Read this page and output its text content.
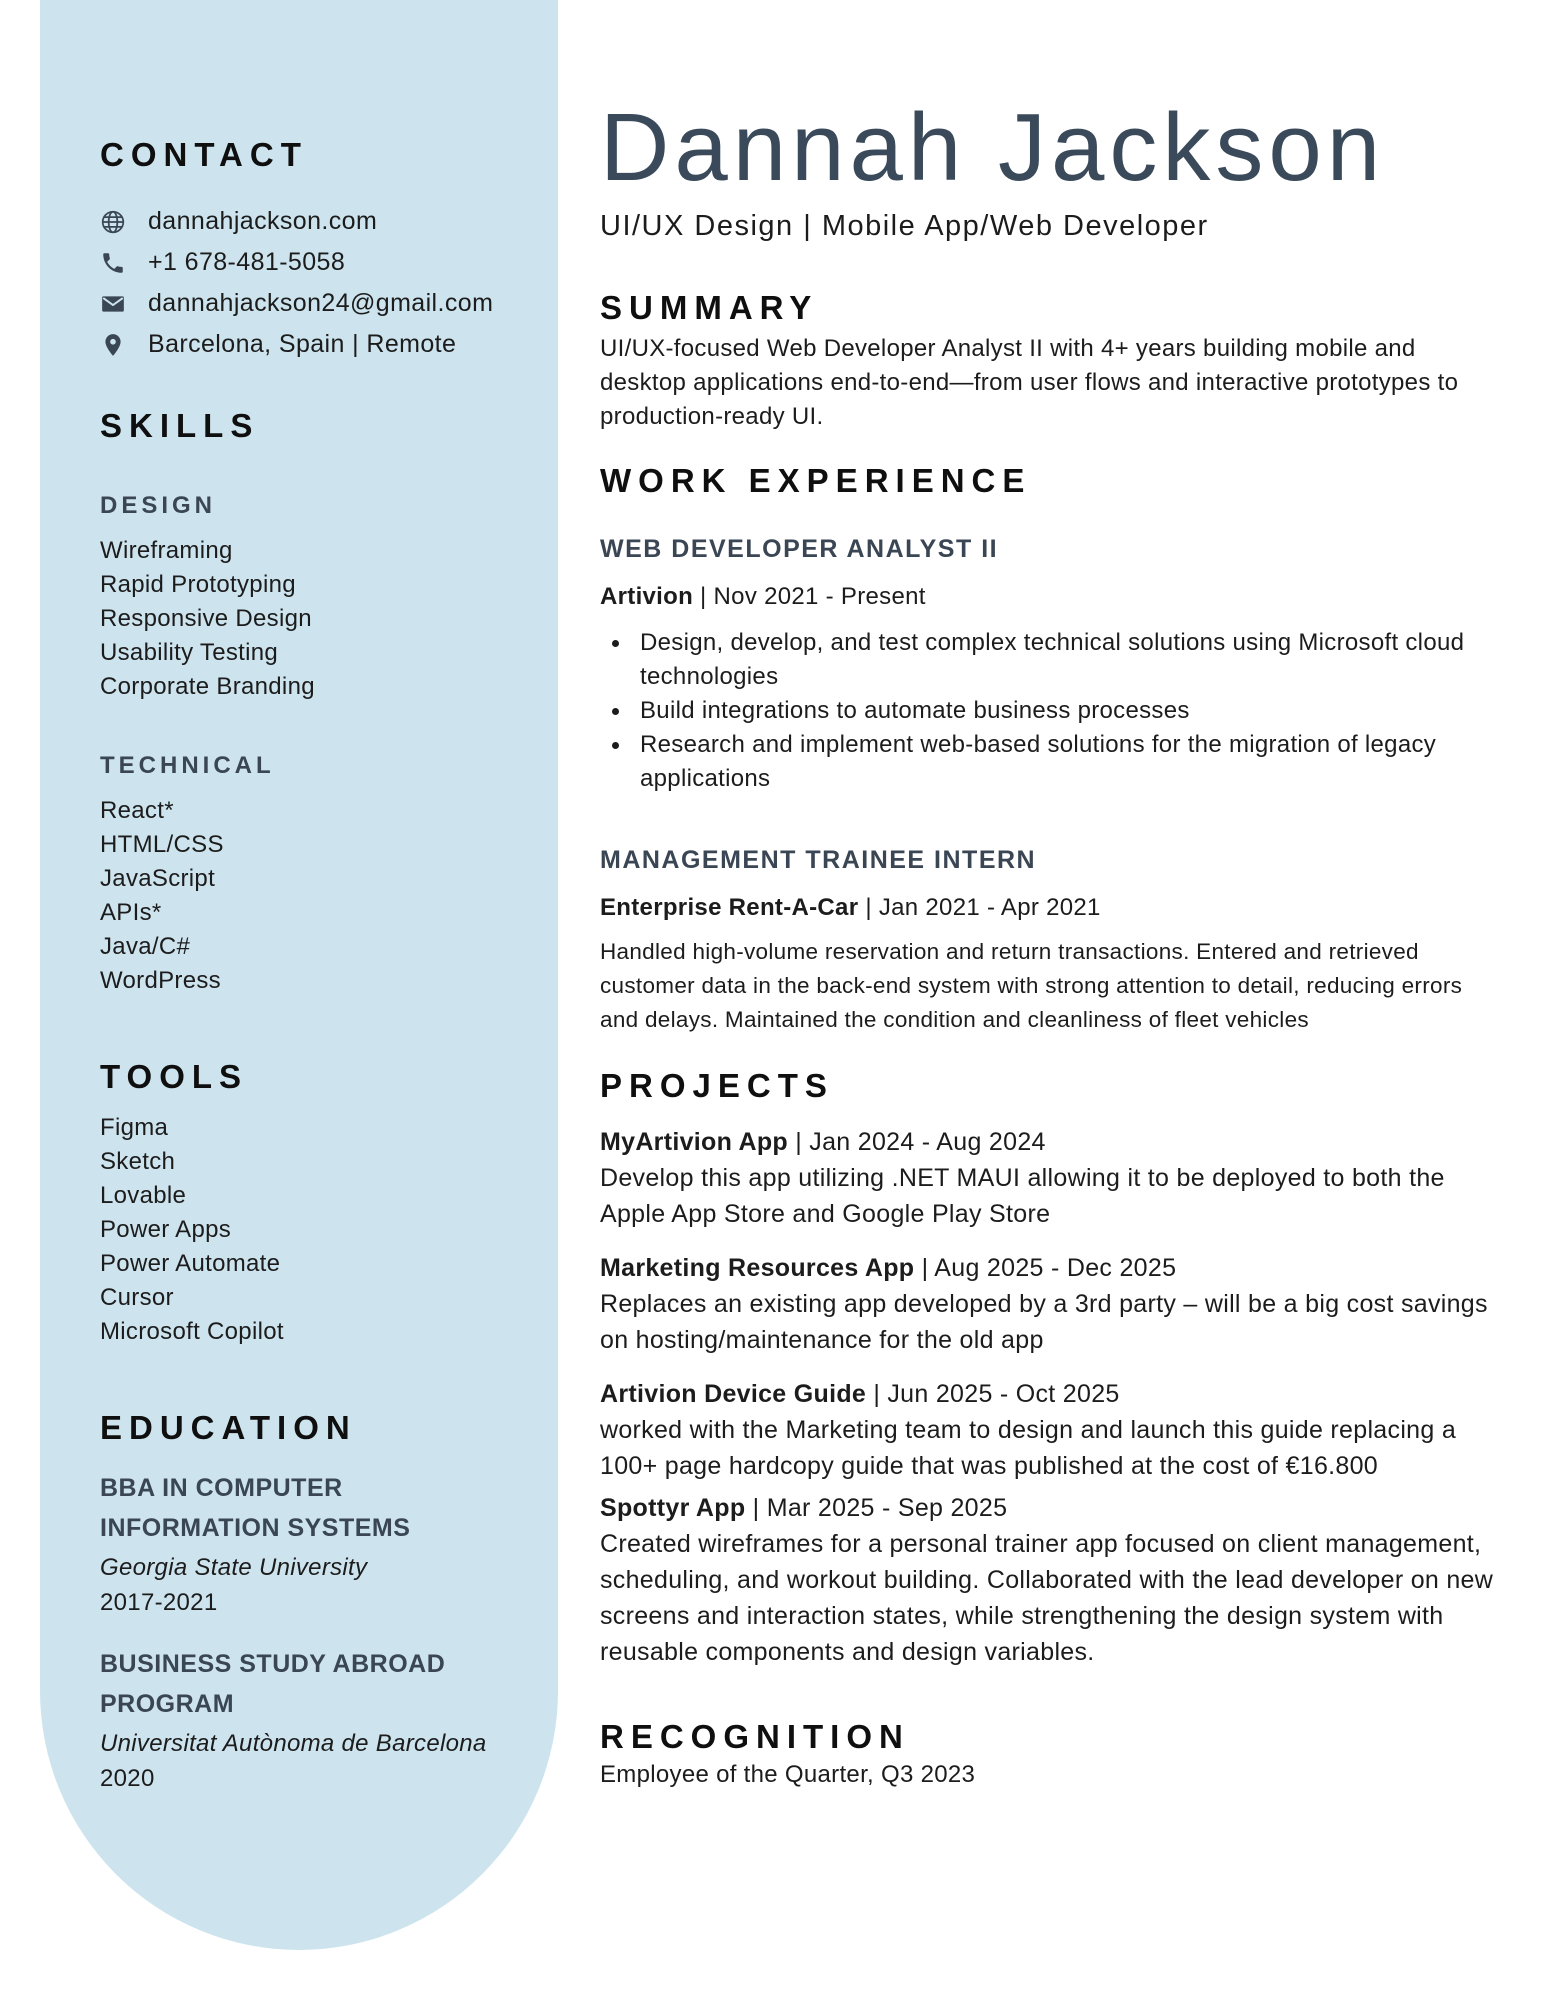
CONTACT
dannahjackson.com
+1 678-481-5058
dannahjackson24@gmail.com
Barcelona, Spain | Remote
SKILLS
DESIGN
Wireframing
Rapid Prototyping
Responsive Design
Usability Testing
Corporate Branding
TECHNICAL
React*
HTML/CSS
JavaScript
APIs*
Java/C#
WordPress
TOOLS
Figma
Sketch
Lovable
Power Apps
Power Automate
Cursor
Microsoft Copilot
EDUCATION
BBA IN COMPUTER
INFORMATION SYSTEMS
Georgia State University
2017-2021
BUSINESS STUDY ABROAD
PROGRAM
Universitat Autònoma de Barcelona
2020
Dannah Jackson
UI/UX Design | Mobile App/Web Developer
SUMMARY

UI/UX-focused Web Developer Analyst II with 4+ years building mobile and desktop applications end-to-end—from user flows and interactive prototypes to production-ready UI.

WORK EXPERIENCE
WEB DEVELOPER ANALYST II
Artivion | Nov 2021 - Present
Design, develop, and test complex technical solutions using Microsoft cloud technologies
Build integrations to automate business processes
Research and implement web-based solutions for the migration of legacy applications
MANAGEMENT TRAINEE INTERN
Enterprise Rent-A-Car | Jan 2021 - Apr 2021

Handled high-volume reservation and return transactions. Entered and retrieved customer data in the back-end system with strong attention to detail, reducing errors and delays. Maintained the condition and cleanliness of fleet vehicles

PROJECTS
MyArtivion App | Jan 2024 - Aug 2024

Develop this app utilizing .NET MAUI allowing it to be deployed to both the Apple App Store and Google Play Store

Marketing Resources App | Aug 2025 - Dec 2025

Replaces an existing app developed by a 3rd party – will be a big cost savings on hosting/maintenance for the old app

Artivion Device Guide | Jun 2025 - Oct 2025

worked with the Marketing team to design and launch this guide replacing a 100+ page hardcopy guide that was published at the cost of €16.800

Spottyr App | Mar 2025 - Sep 2025

Created wireframes for a personal trainer app focused on client management, scheduling, and workout building. Collaborated with the lead developer on new screens and interaction states, while strengthening the design system with reusable components and design variables.

RECOGNITION

Employee of the Quarter, Q3 2023
